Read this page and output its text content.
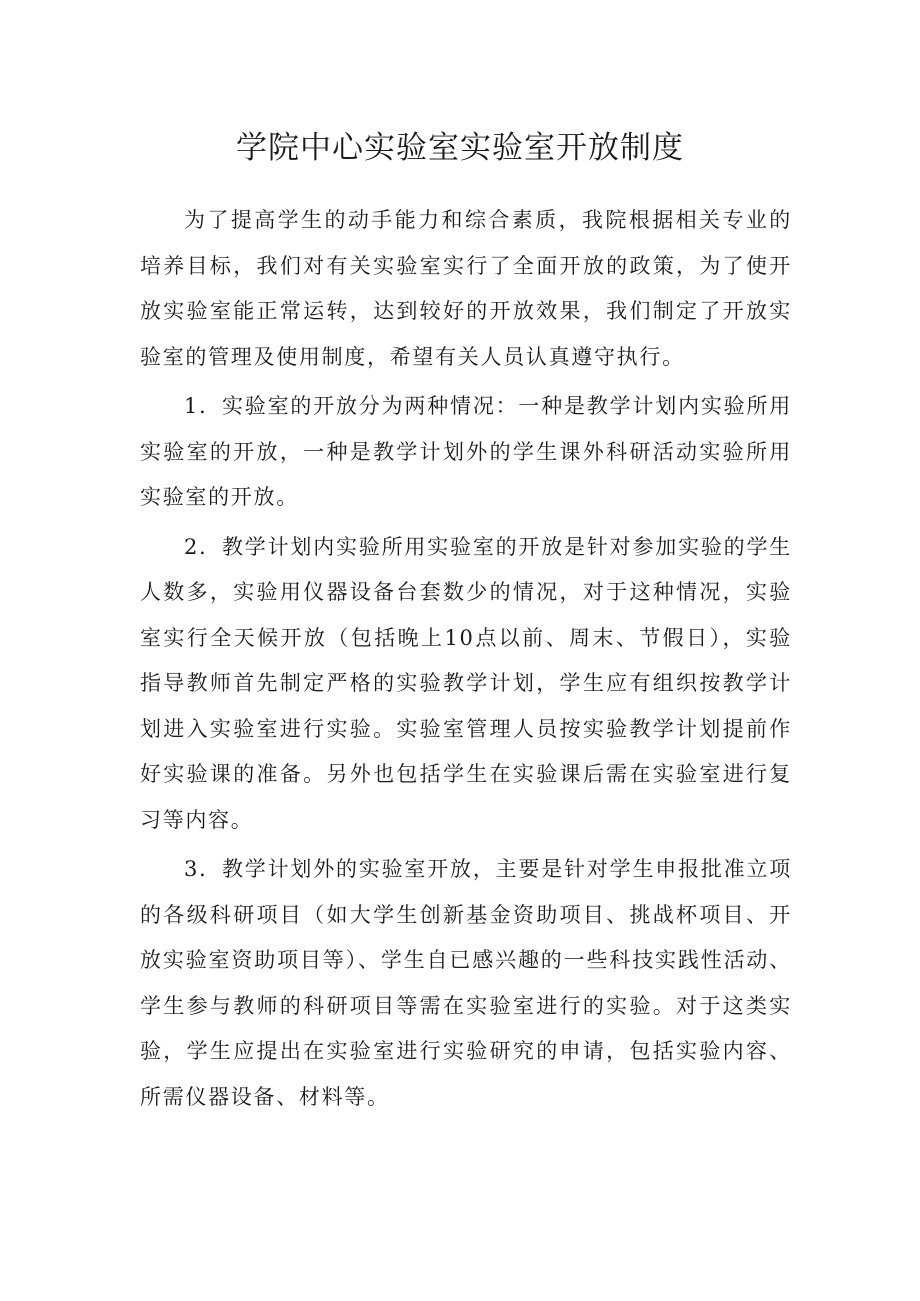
学院中心实验室实验室开放制度

为了提高学生的动手能力和综合素质，我院根据相关专业的培养目标，我们对有关实验室实行了全面开放的政策，为了使开放实验室能正常运转，达到较好的开放效果，我们制定了开放实验室的管理及使用制度，希望有关人员认真遵守执行。

1．实验室的开放分为两种情况：一种是教学计划内实验所用实验室的开放，一种是教学计划外的学生课外科研活动实验所用实验室的开放。

2．教学计划内实验所用实验室的开放是针对参加实验的学生人数多，实验用仪器设备台套数少的情况，对于这种情况，实验室实行全天候开放（包括晚上10点以前、周末、节假日），实验指导教师首先制定严格的实验教学计划，学生应有组织按教学计划进入实验室进行实验。实验室管理人员按实验教学计划提前作好实验课的准备。另外也包括学生在实验课后需在实验室进行复习等内容。

3．教学计划外的实验室开放，主要是针对学生申报批准立项的各级科研项目（如大学生创新基金资助项目、挑战杯项目、开放实验室资助项目等）、学生自已感兴趣的一些科技实践性活动、学生参与教师的科研项目等需在实验室进行的实验。对于这类实验，学生应提出在实验室进行实验研究的申请，包括实验内容、所需仪器设备、材料等。
